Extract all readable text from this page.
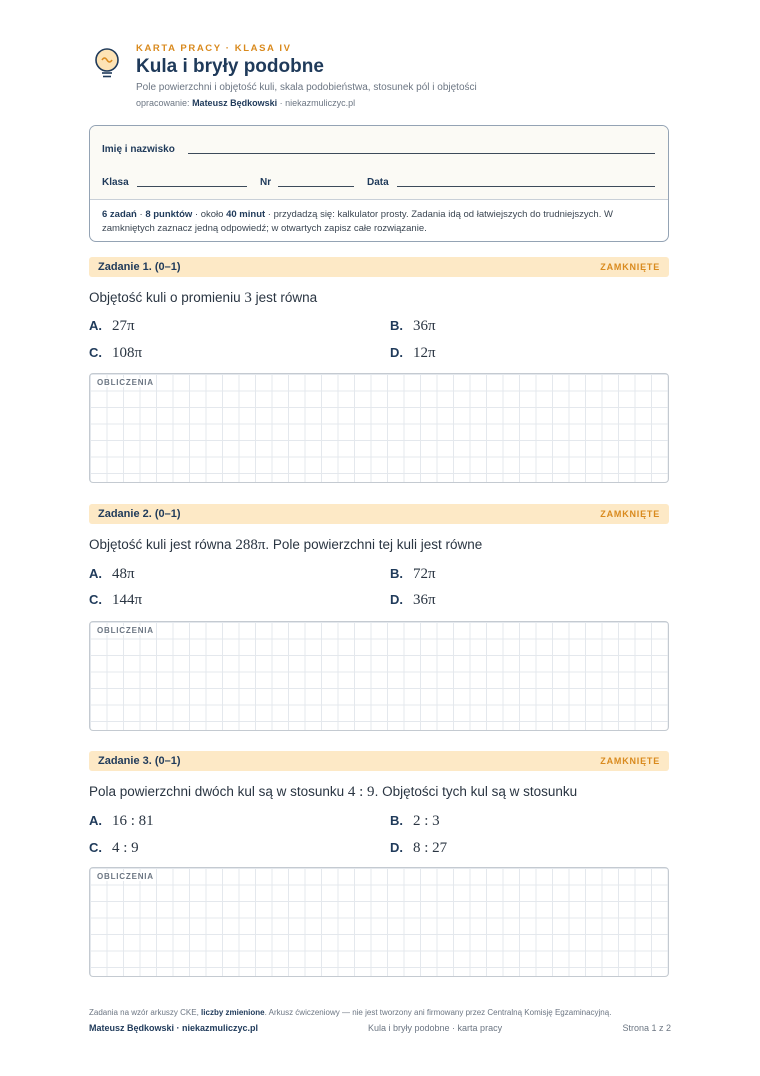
KARTA PRACY · KLASA IV
Kula i bryły podobne
Pole powierzchni i objętość kuli, skala podobieństwa, stosunek pól i objętości
opracowanie: Mateusz Będkowski · niekazmuliczyc.pl
Imię i nazwisko
Klasa	Nr	Data
6 zadań · 8 punktów · około 40 minut · przydadzą się: kalkulator prosty. Zadania idą od łatwiejszych do trudniejszych. W zamkniętych zaznacz jedną odpowiedź; w otwartych zapisz całe rozwiązanie.
Zadanie 1. (0–1)	ZAMKNIĘTE
Objętość kuli o promieniu 3 jest równa
A. 27π	B. 36π
C. 108π	D. 12π
OBLICZENIA
Zadanie 2. (0–1)	ZAMKNIĘTE
Objętość kuli jest równa 288π. Pole powierzchni tej kuli jest równe
A. 48π	B. 72π
C. 144π	D. 36π
OBLICZENIA
Zadanie 3. (0–1)	ZAMKNIĘTE
Pola powierzchni dwóch kul są w stosunku 4 : 9. Objętości tych kul są w stosunku
A. 16 : 81	B. 2 : 3
C. 4 : 9	D. 8 : 27
OBLICZENIA
Zadania na wzór arkuszy CKE, liczby zmienione. Arkusz ćwiczeniowy — nie jest tworzony ani firmowany przez Centralną Komisję Egzaminacyjną.
Mateusz Będkowski · niekazmuliczyc.pl	Kula i bryły podobne · karta pracy	Strona 1 z 2
